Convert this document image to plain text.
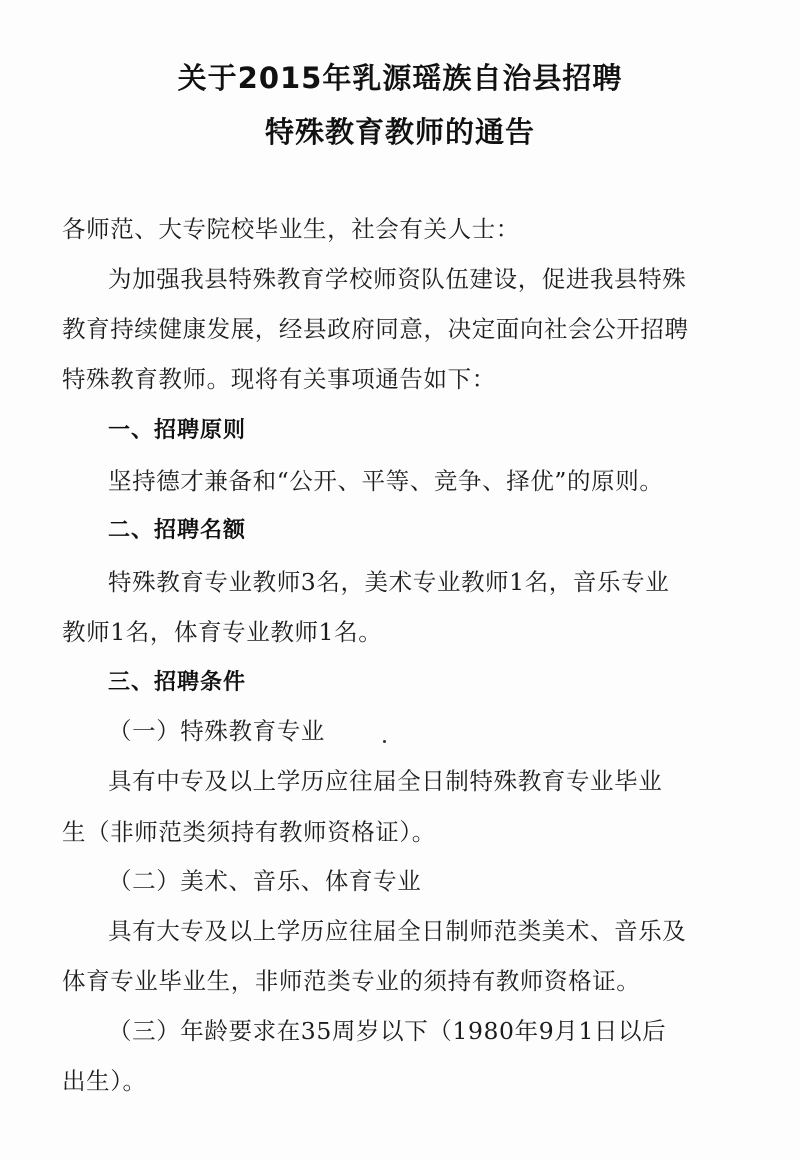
关于2015年乳源瑶族自治县招聘
特殊教育教师的通告
各师范、大专院校毕业生，社会有关人士：
为加强我县特殊教育学校师资队伍建设，促进我县特殊
教育持续健康发展，经县政府同意，决定面向社会公开招聘
特殊教育教师。现将有关事项通告如下：
一、招聘原则
坚持德才兼备和“公开、平等、竞争、择优”的原则。
二、招聘名额
特殊教育专业教师3名，美术专业教师1名，音乐专业
教师1名，体育专业教师1名。
三、招聘条件
（一）特殊教育专业
具有中专及以上学历应往届全日制特殊教育专业毕业
生（非师范类须持有教师资格证）。
（二）美术、音乐、体育专业
具有大专及以上学历应往届全日制师范类美术、音乐及
体育专业毕业生，非师范类专业的须持有教师资格证。
（三）年龄要求在35周岁以下（1980年9月1日以后
出生）。
